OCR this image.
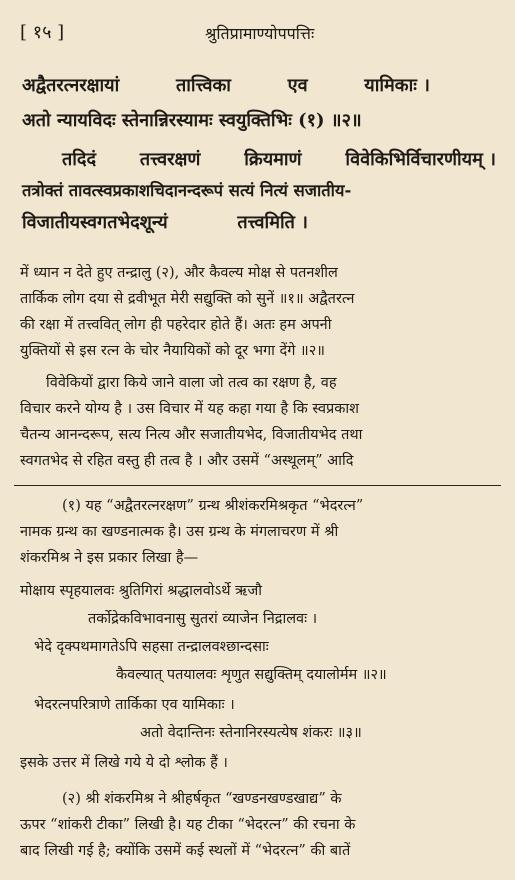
[ १५ ]	श्रुतिप्रामाण्योपपत्तिः
अद्वैतरत्नरक्षायां	तात्त्विका	एव	यामिकाः ।
अतो न्यायविदः स्तेनान्निरस्यामः स्वयुक्तिभिः (१) ॥२॥
तदिदं तत्त्वरक्षणं क्रियमाणं विवेकिभिर्विचारणीयम् ।
तत्रोक्तं तावत्स्वप्रकाशचिदानन्दरूपं सत्यं नित्यं सजातीय-
विजातीयस्वगतभेदशून्यं	तत्त्वमिति ।
में ध्यान न देते हुए तन्द्रालु (२), और कैवल्य मोक्ष से पतनशील
तार्किक लोग दया से द्रवीभूत मेरी सद्युक्ति को सुनें ॥१॥ अद्वैतरत्न
की रक्षा में तत्त्ववित् लोग ही पहरेदार होते हैं। अतः हम अपनी
युक्तियों से इस रत्न के चोर नैयायिकों को दूर भगा देंगे ॥२॥
विवेकियों द्वारा किये जाने वाला जो तत्व का रक्षण है, वह
विचार करने योग्य है । उस विचार में यह कहा गया है कि स्वप्रकाश
चैतन्य आनन्दरूप, सत्य नित्य और सजातीयभेद, विजातीयभेद तथा
स्वगतभेद से रहित वस्तु ही तत्व है । और उसमें “अस्थूलम्” आदि
(१) यह “अद्वैतरत्नरक्षण” ग्रन्थ श्रीशंकरमिश्रकृत “भेदरत्न”
नामक ग्रन्थ का खण्डनात्मक है। उस ग्रन्थ के मंगलाचरण में श्री
शंकरमिश्र ने इस प्रकार लिखा है—
मोक्षाय स्पृहयालवः श्रुतिगिरां श्रद्धालवोऽर्थे ऋजौ
तर्कोद्रेकविभावनासु सुतरां व्याजेन निद्रालवः ।
भेदे दृक्पथमागतेऽपि सहसा तन्द्रालवश्छान्दसाः
कैवल्यात् पतयालवः शृणुत सद्युक्तिम् दयालोर्मम ॥२॥
भेदरत्नपरित्राणे तार्किका एव यामिकाः ।
अतो वेदान्तिनः स्तेनानिरस्यत्येष शंकरः ॥३॥
इसके उत्तर में लिखे गये ये दो श्लोक हैं ।
(२) श्री शंकरमिश्र ने श्रीहर्षकृत “खण्डनखण्डखाद्य” के
ऊपर “शांकरी टीका” लिखी है। यह टीका “भेदरत्न” की रचना के
बाद लिखी गई है; क्योंकि उसमें कई स्थलों में “भेदरत्न” की बातें
